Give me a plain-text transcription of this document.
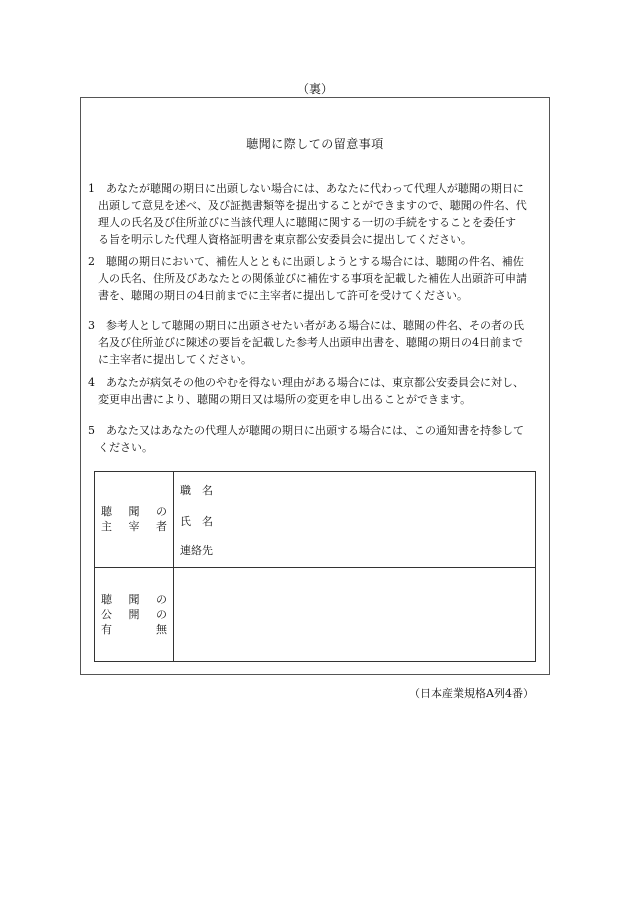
（裏）
聴聞に際しての留意事項
1　 あなたが聴聞の期日に出頭しない場合には、あなたに代わって代理人が聴聞の期日に
出頭して意見を述べ、及び証拠書類等を提出することができますので、聴聞の件名、代
理人の氏名及び住所並びに当該代理人に聴聞に関する一切の手続をすることを委任す
る旨を明示した代理人資格証明書を東京都公安委員会に提出してください。
2　 聴聞の期日において、補佐人とともに出頭しようとする場合には、聴聞の件名、補佐
人の氏名、住所及びあなたとの関係並びに補佐する事項を記載した補佐人出頭許可申請
書を、聴聞の期日の4日前までに主宰者に提出して許可を受けてください。
3　 参考人として聴聞の期日に出頭させたい者がある場合には、聴聞の件名、その者の氏
名及び住所並びに陳述の要旨を記載した参考人出頭申出書を、聴聞の期日の4日前まで
に主宰者に提出してください。
4　 あなたが病気その他のやむを得ない理由がある場合には、東京都公安委員会に対し、
変更申出書により、聴聞の期日又は場所の変更を申し出ることができます。
5　 あなた又はあなたの代理人が聴聞の期日に出頭する場合には、この通知書を持参して
ください。
聴 聞 の
主 宰 者
職　名
氏　名
連絡先
聴 聞 の
公 開 の
有	無
（日本産業規格A列4番）
